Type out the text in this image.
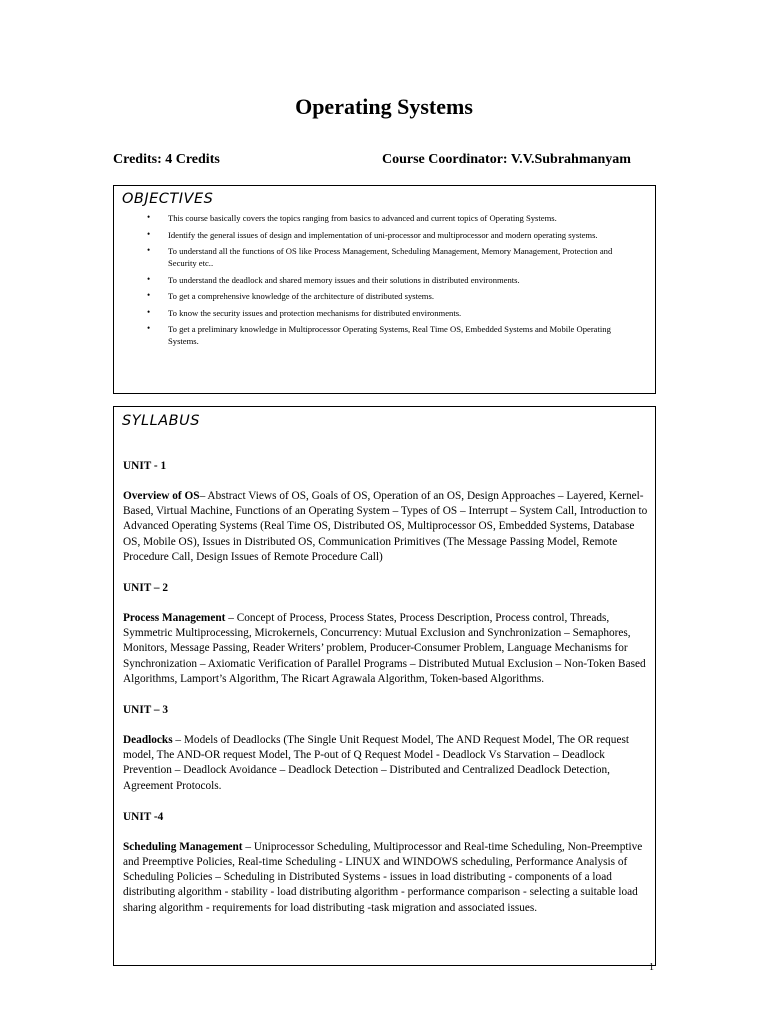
Operating Systems
Credits: 4 Credits	Course Coordinator: V.V.Subrahmanyam
OBJECTIVES
• This course basically covers the topics ranging from basics to advanced and current topics of Operating Systems.
• Identify the general issues of design and implementation of uni-processor and multiprocessor and modern operating systems.
• To understand all the functions of OS like Process Management, Scheduling Management, Memory Management, Protection and Security etc..
• To understand the deadlock and shared memory issues and their solutions in distributed environments.
• To get a comprehensive knowledge of the architecture of distributed systems.
• To know the security issues and protection mechanisms for distributed environments.
• To get a preliminary knowledge in Multiprocessor Operating Systems, Real Time OS, Embedded Systems and Mobile Operating Systems.
SYLLABUS
UNIT - 1
Overview of OS– Abstract Views of OS, Goals of OS, Operation of an OS, Design Approaches – Layered, Kernel-Based, Virtual Machine, Functions of an Operating System – Types of OS – Interrupt – System Call, Introduction to Advanced Operating Systems (Real Time OS, Distributed OS, Multiprocessor OS, Embedded Systems, Database OS, Mobile OS), Issues in Distributed OS, Communication Primitives (The Message Passing Model, Remote Procedure Call, Design Issues of Remote Procedure Call)
UNIT – 2
Process Management – Concept of Process, Process States, Process Description, Process control, Threads, Symmetric Multiprocessing, Microkernels, Concurrency: Mutual Exclusion and Synchronization – Semaphores, Monitors, Message Passing, Reader Writers’ problem, Producer-Consumer Problem, Language Mechanisms for Synchronization – Axiomatic Verification of Parallel Programs – Distributed Mutual Exclusion – Non-Token Based Algorithms, Lamport’s Algorithm, The Ricart Agrawala Algorithm, Token-based Algorithms.
UNIT – 3
Deadlocks – Models of Deadlocks (The Single Unit Request Model, The AND Request Model, The OR request model, The AND-OR request Model, The P-out of Q Request Model - Deadlock Vs Starvation – Deadlock Prevention – Deadlock Avoidance – Deadlock Detection – Distributed and Centralized Deadlock Detection, Agreement Protocols.
UNIT -4
Scheduling Management – Uniprocessor Scheduling, Multiprocessor and Real-time Scheduling, Non-Preemptive and Preemptive Policies, Real-time Scheduling - LINUX and WINDOWS scheduling, Performance Analysis of Scheduling Policies – Scheduling in Distributed Systems - issues in load distributing - components of a load distributing algorithm - stability - load distributing algorithm - performance comparison - selecting a suitable load sharing algorithm - requirements for load distributing -task migration and associated issues.
1
